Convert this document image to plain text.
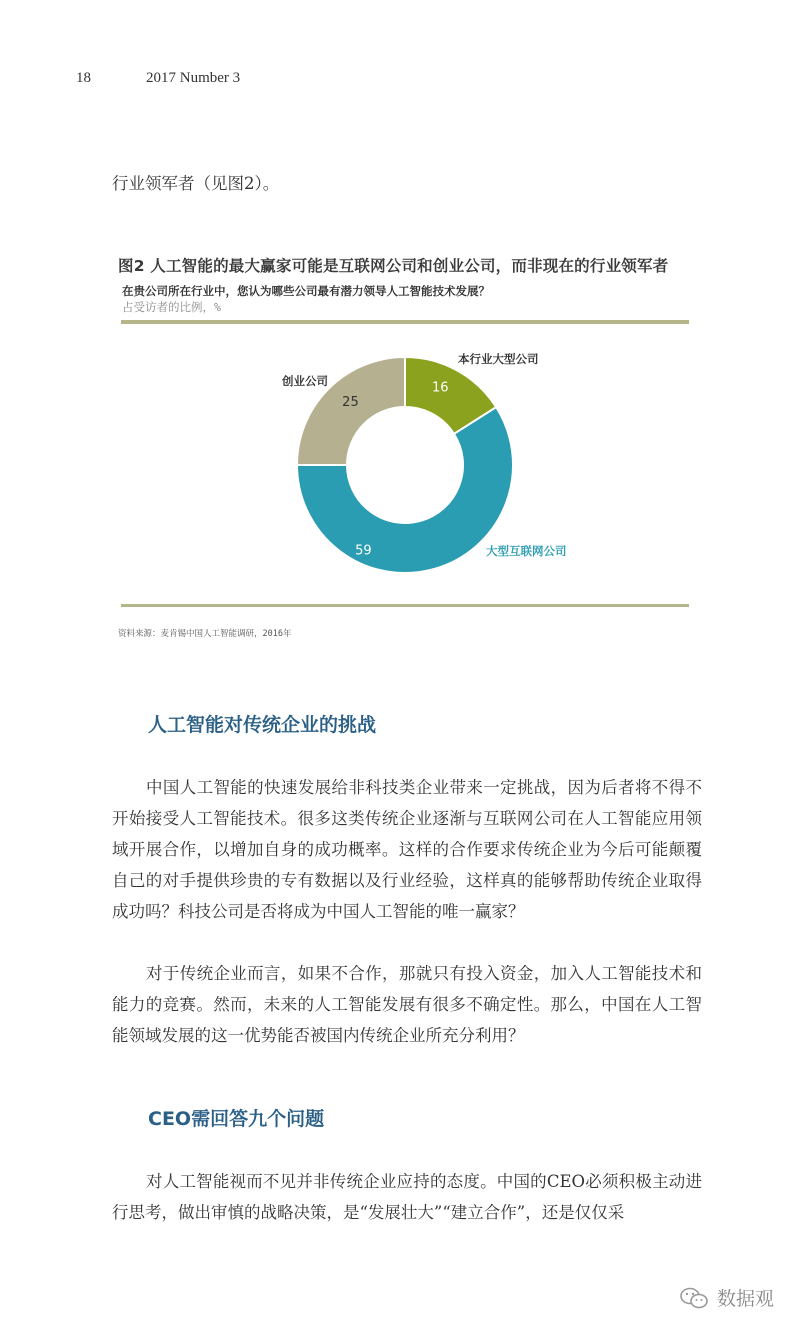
18	2017 Number 3
行业领军者（见图2）。
图2 人工智能的最大赢家可能是互联网公司和创业公司，而非现在的行业领军者
在贵公司所在行业中，您认为哪些公司最有潜力领导人工智能技术发展？
占受访者的比例，%
16
本行业大型公司
59	大型互联网公司
25
创业公司
资料来源：麦肯锡中国人工智能调研，2016年
人工智能对传统企业的挑战
中国人工智能的快速发展给非科技类企业带来一定挑战，因为后者将不得不开始接受人工智能技术。很多这类传统企业逐渐与互联网公司在人工智能应用领域开展合作，以增加自身的成功概率。这样的合作要求传统企业为今后可能颠覆自己的对手提供珍贵的专有数据以及行业经验，这样真的能够帮助传统企业取得成功吗？科技公司是否将成为中国人工智能的唯一赢家？
对于传统企业而言，如果不合作，那就只有投入资金，加入人工智能技术和能力的竞赛。然而，未来的人工智能发展有很多不确定性。那么，中国在人工智能领域发展的这一优势能否被国内传统企业所充分利用？
CEO需回答九个问题
对人工智能视而不见并非传统企业应持的态度。中国的CEO必须积极主动进行思考，做出审慎的战略决策，是“发展壮大”“建立合作”，还是仅仅采
数据观
